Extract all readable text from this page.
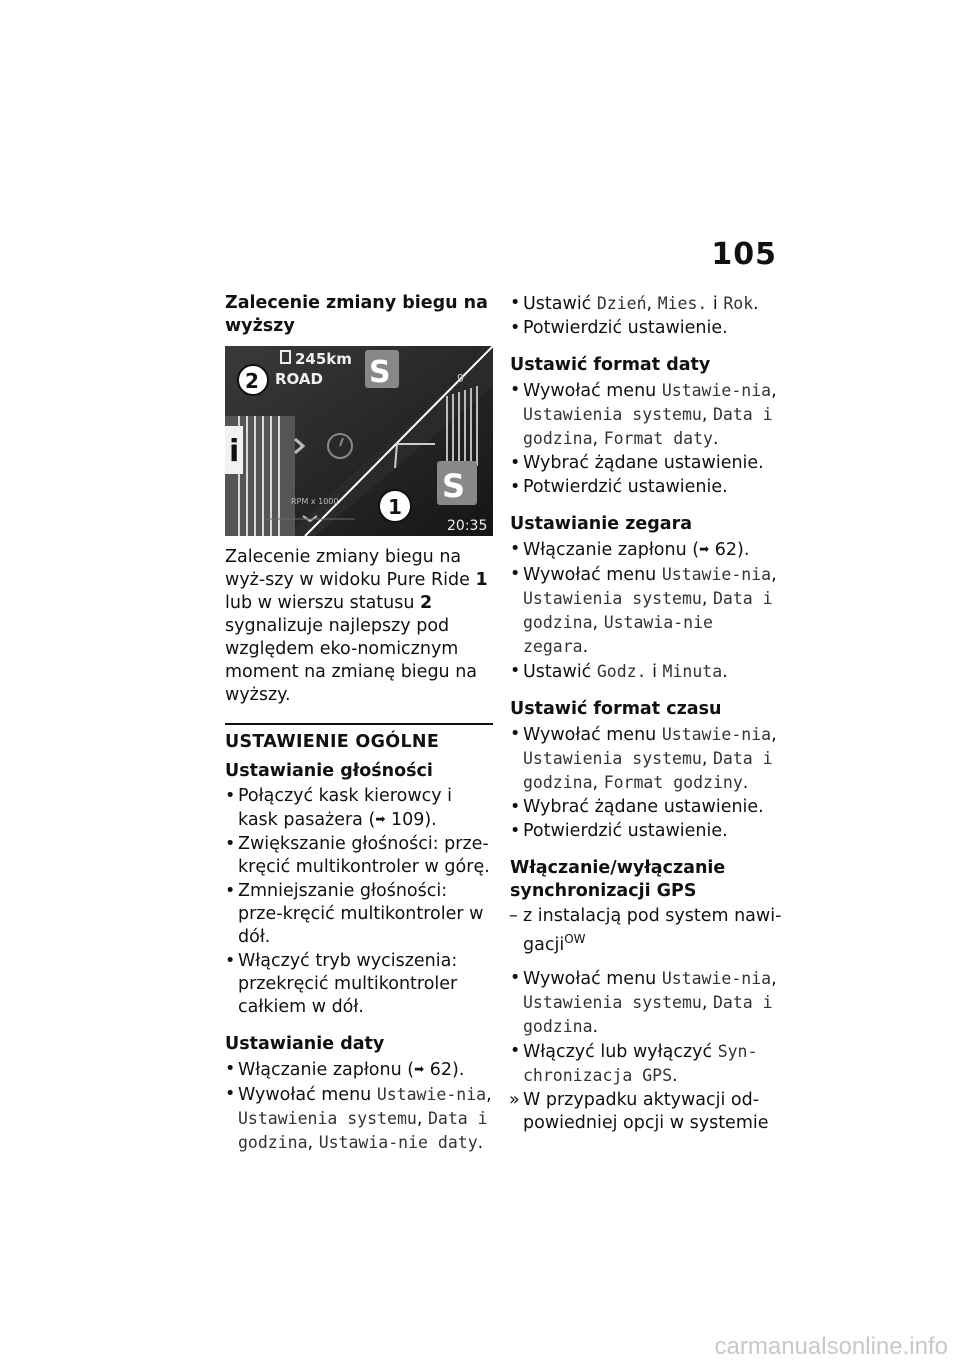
105
Zalecenie zmiany biegu na wyższy
i
245km
ROAD S
2	9
S
1
RPM x 1000
20:35

Zalecenie zmiany biegu na wyż-szy w widoku Pure Ride 1 lub w wierszu statusu 2 sygnalizuje najlepszy pod względem eko-nomicznym moment na zmianę biegu na wyższy.

USTAWIENIE OGÓLNE
Ustawianie głośności
• Połączyć kask kierowcy i kask pasażera (➡ 109).
• Zwiększanie głośności: prze-kręcić multikontroler w górę.
• Zmniejszanie głośności: prze-kręcić multikontroler w dół.
• Włączyć tryb wyciszenia: przekręcić multikontroler całkiem w dół.
Ustawianie daty
• Włączanie zapłonu (➡ 62).
• Wywołać menu Ustawie-nia, Ustawienia systemu, Data i godzina, Ustawia-nie daty.
• Ustawić Dzień, Mies. i Rok.
• Potwierdzić ustawienie.
Ustawić format daty
• Wywołać menu Ustawie-nia, Ustawienia systemu, Data i godzina, Format daty.
• Wybrać żądane ustawienie.
• Potwierdzić ustawienie.
Ustawianie zegara
• Włączanie zapłonu (➡ 62).
• Wywołać menu Ustawie-nia, Ustawienia systemu, Data i godzina, Ustawia-nie zegara.
• Ustawić Godz. i Minuta.
Ustawić format czasu
• Wywołać menu Ustawie-nia, Ustawienia systemu, Data i godzina, Format godziny.
• Wybrać żądane ustawienie.
• Potwierdzić ustawienie.
Włączanie/wyłączanie synchronizacji GPS
– z instalacją pod system nawi-gacji$^{OW}$
• Wywołać menu Ustawie-nia, Ustawienia systemu, Data i godzina.
• Włączyć lub wyłączyć Syn-chronizacja GPS.
» W przypadku aktywacji od-powiedniej opcji w systemie
carmanualsonline.info
